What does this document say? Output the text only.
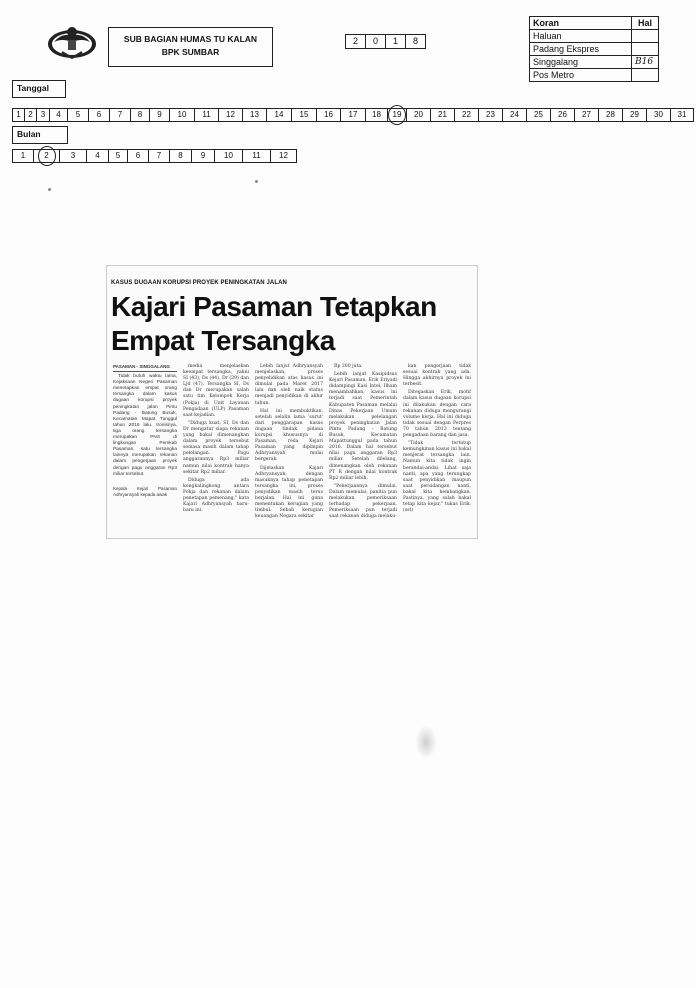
SUB BAGIAN HUMAS TU KALAN
BPK SUMBAR
2	0	1	8
Koran	Hal
Haluan	
Padang Ekspres	
Singgalang	B16
Pos Metro	
Tanggal
1 2	3	4	5	6	7	8	9	10	11	12	13	14	15	16	17	18	19	20	21	22	23	24	25	26	27	28	29	30	31
Bulan
1	2	3	4	5	6	7	8	9	10	11	12
KASUS DUGAAN KORUPSI PROYEK PENINGKATAN JALAN
Kajari Pasaman Tetapkan
Empat Tersangka
PASAMAN - SINGGALANG

Tidak butuh waktu lama, Kejaksaan Negeri Pasaman menetapkan empat orang tersangka dalam kasus dugaan korupsi proyek peningkatan jalan Pintu Padang - Batung Busuk, Kecamatan Mapat Tunggul tahun 2016 lalu. Ironisnya, tiga orang tersangka merupakan PNS di lingkungan Pemkab Pasaman, satu tersangka lainnya merupakan rekanan dalam pengerjaan proyek dengan pagu anggaran Rp3 miliar tersebut.

Kepala Kejari Pasaman Adhryansyah kepada awak

media menjelaskan keempat tersangka, yakni SI (43), Ds (44), Dr (39) dan Ljd (47). Tersangka SI, Ds dan Dr merupakan salah satu tim Kelompok Kerja (Pokja) di Unit Layanan Pengadaan (ULP) Pasaman saat kejadian.

"Diduga kuat, SI, Ds dan Dr mengatur siapa rekanan yang bakal dimenangkan dalam proyek tersebut semasa masih dalam tahap pelelangan. Pagu anggarannya Rp3 miliar namun nilai kontrak hanya sekitar Rp2 miliar.

Diduga ada kongkalingkong antara Pokja dan rekanan dalam penetapan pemenang," kata Kajari Adhryansyah baru-baru ini.

Lebih lanjut Adhryansyah menjelaskan, proses penyelidikan atas kasus ini dimulai pada Maret 2017 lalu dan oleh naik status menjadi penyidikan di akhir tahun.

Hal ini membuktikan, setelah selalin lama 'surut' dari penggarapan kasus dugaan tindak pidana korupsi khususnya di Pasaman, reda Kejari Pasaman yang dipimpin Adhryansyah mulai bergerak.

Dijelaskan Kajari Adhryansyah, dengan masuknya tahap penetapan tersangka ini, proses penyidikan masih terus berjalan. Hal ini guna menentukan kerugian yang timbul. Sebab kerugian keuangan Negara sekitar

Rp 200 juta.

Lebih lanjut Kasipidsus Kejari Pasaman, Erik Eriyadi didampingi Kasi Intel, Ilham menambahkan, kasus ini terjadi saat Pemerintah Kabupaten Pasaman melalui Dinas Pekerjaan Umum melakukan pelelangan proyek peningkatan Jalan Pintu Padang - Batung Busuk, Kecamatan Mapattunggul pada tahun 2016. Dalam hal tersebut nilai pagu anggaran Rp3 miliar. Setelah dilelang, dimenangkan oleh rekanan PT R dengan nilai kontrak Rp2 miliar lebih.

"Pekerjaannya dimulai. Dalam memulai, panitia pun melakukan pemeriksaan terhadap pekerjaan. Pemeriksaan pun terjadi saat rekanan diduga melaku-

kan pengerjaan tidak sesuai kontrak yang ada. Hingga akhirnya proyek ini terbesit.

Ditegaskan Erik, motif dalam kasus dugaan korupsi ini dilakukan dengan cara rekanan diduga mengurangi volume kerja. Hal ini diduga tidak sesuai dengan Perpres 70 tahun 2013 tentang pengadaan barang dan jasa.

"Tidak tertutup kemungkinan kasus ini bakal menjerat tersangka lain. Namun kita tidak ingin berandai-andai. Lihat saja nanti, apa yang terungkap saat penyidikan maupun saat persidangan nanti, bakal kita kembangkan. Pastinya, yang salah bakal tetap kita kejar," tukas Erik. (sst)
